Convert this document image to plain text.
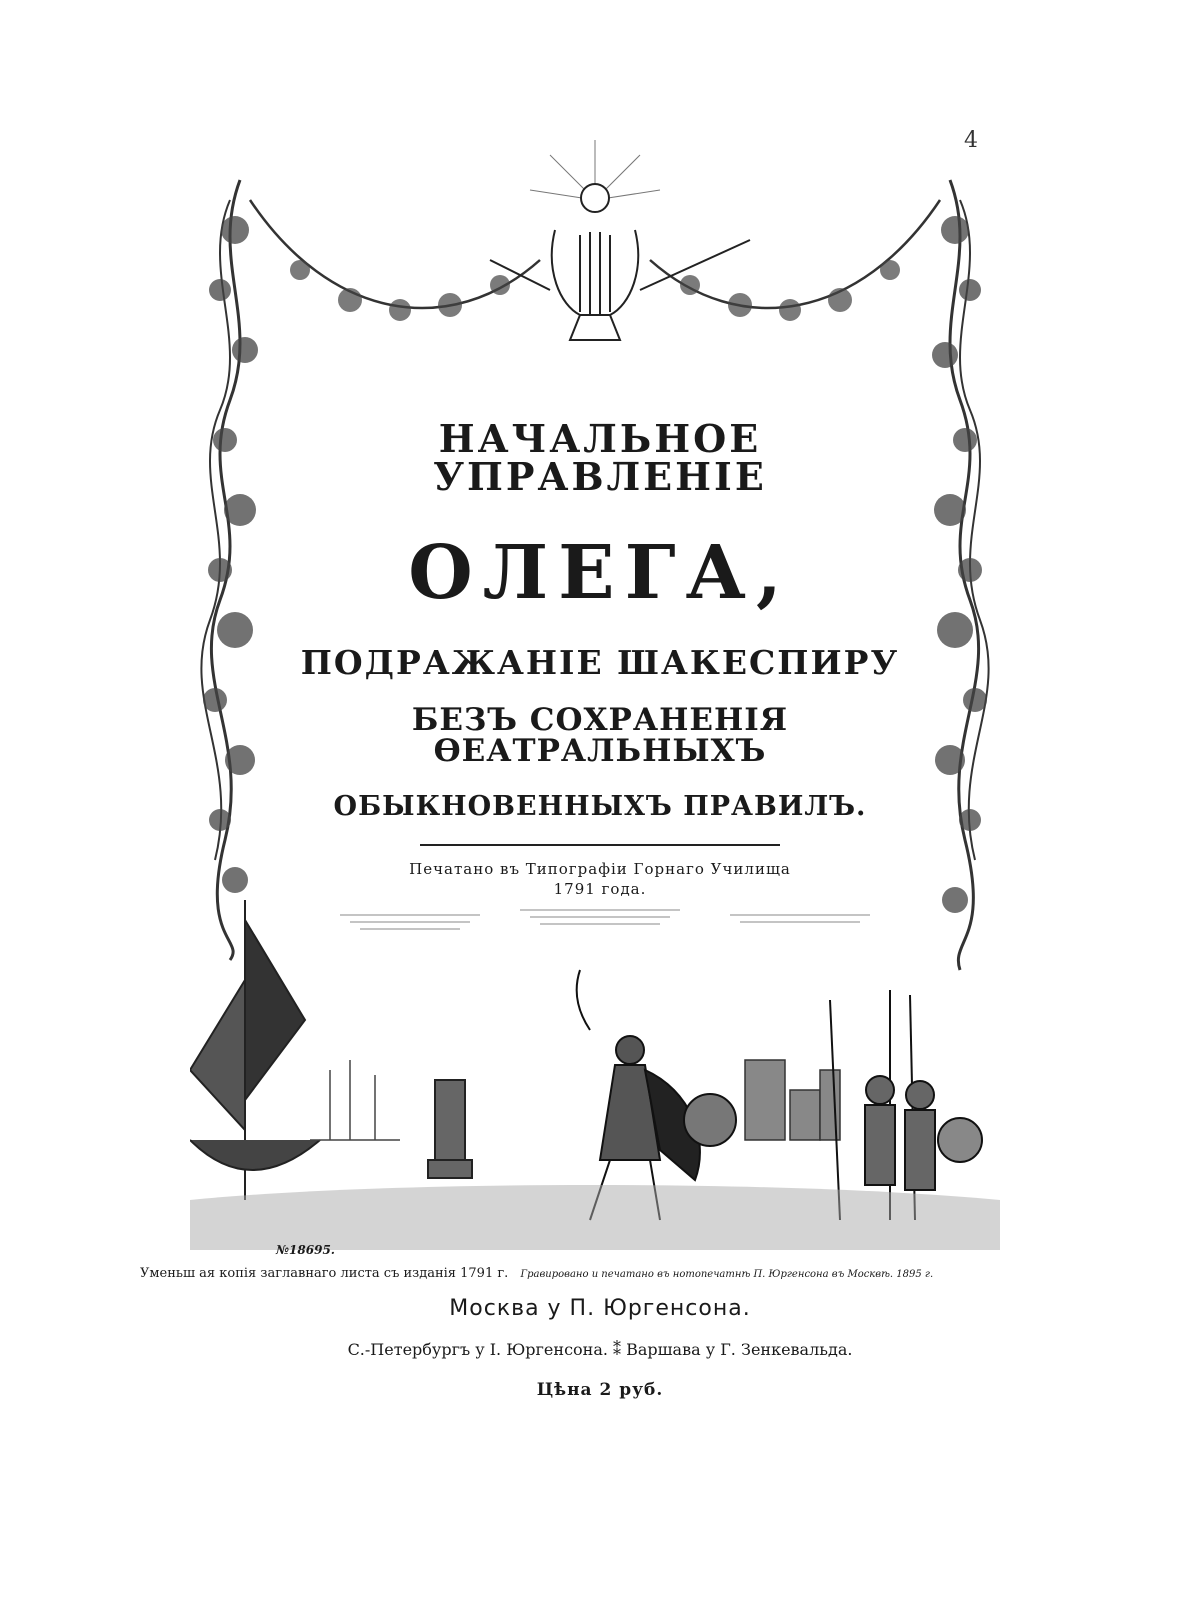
4
НАЧАЛЬНОЕ УПРАВЛЕНІЕ
ОЛЕГА,
ПОДРАЖАНІЕ ШАКЕСПИРУ
БЕЗЪ СОХРАНЕНІЯ ѲЕАТРАЛЬНЫХЪ
ОБЫКНОВЕННЫХЪ ПРАВИЛЪ.
Печатано въ Типографіи Горнаго Училища
1791 года.
№18695.
Уменьш ая копія заглавнаго листа съ изданія 1791 г. Гравировано и печатано въ нотопечатнѣ П. Юргенсона въ Москвѣ. 1895 г.
Москва у П. Юргенсона.
С.-Петербургъ у І. Юргенсона. ⁑ Варшава у Г. Зенкевальда.
Цѣна 2 руб.
